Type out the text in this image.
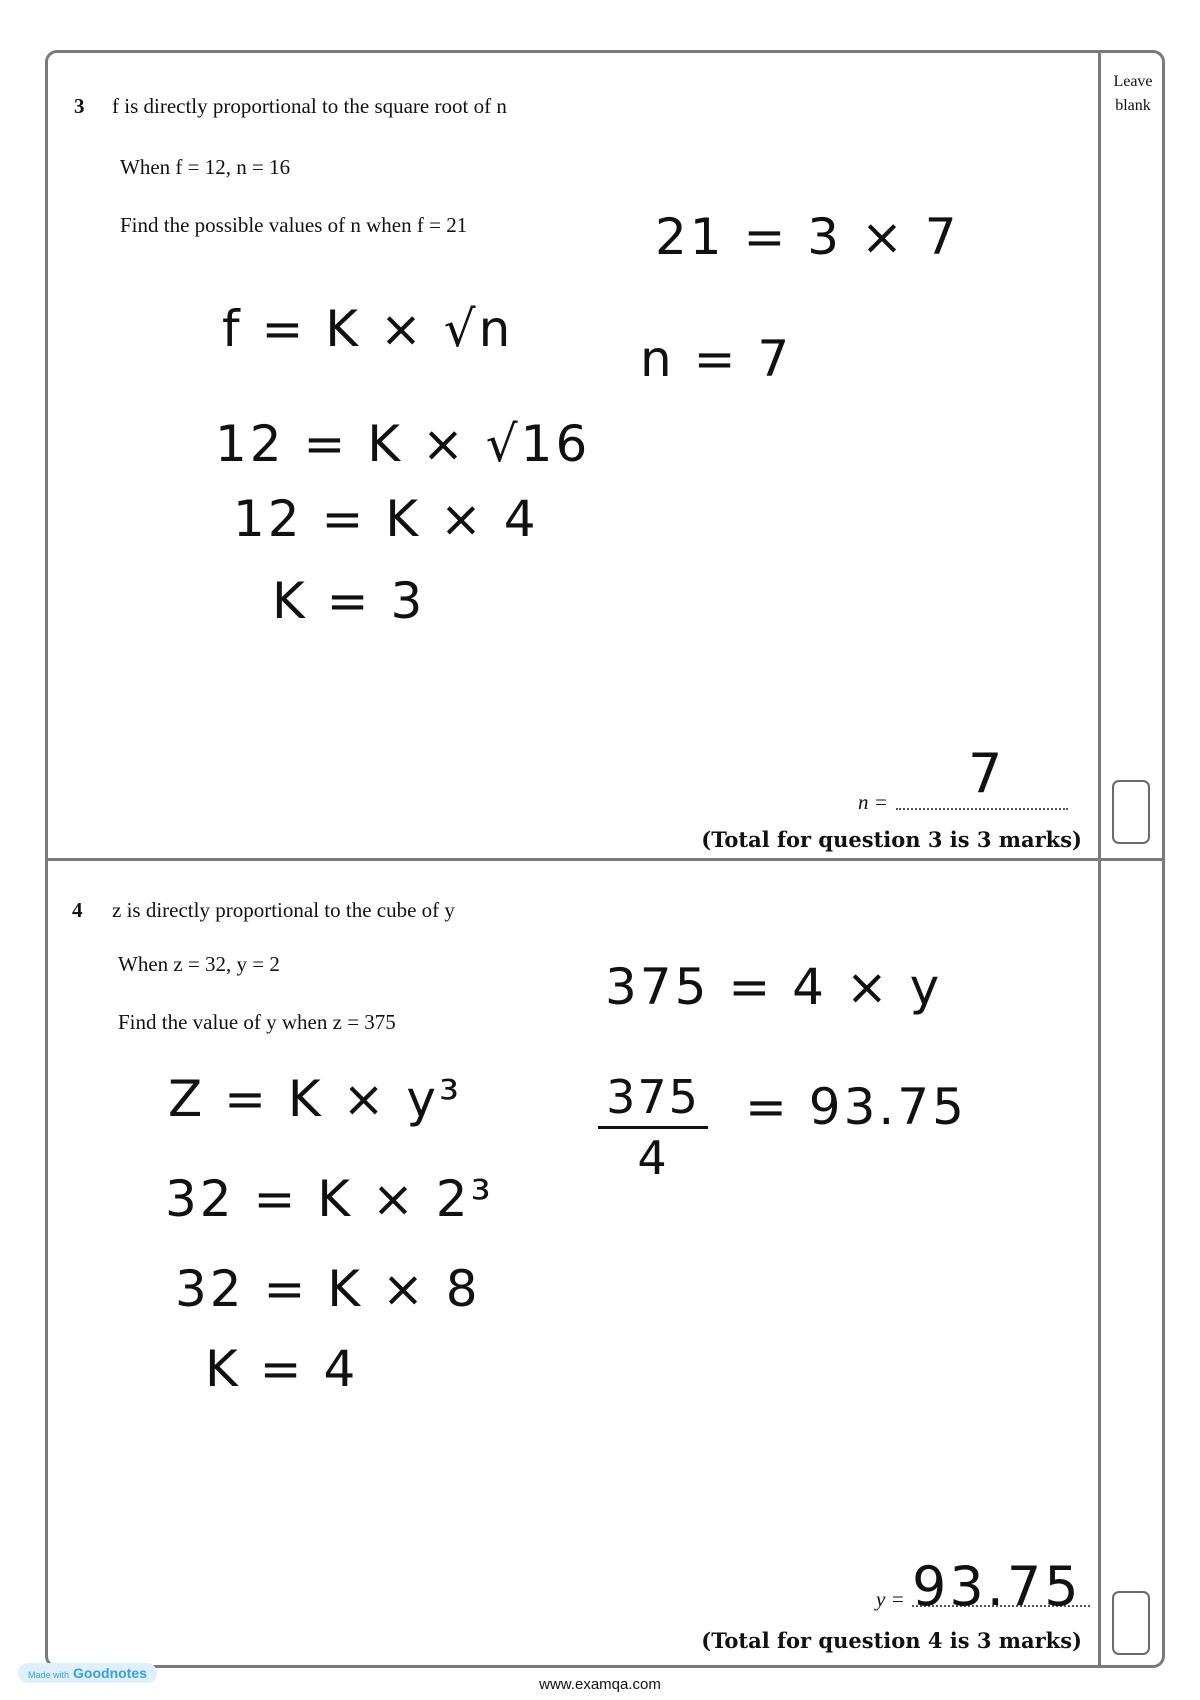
Leave blank
3 f is directly proportional to the square root of n
When f = 12, n = 16
Find the possible values of n when f = 21
f = K × √n
12 = K × √16
12 = K × 4
K = 3
21 = 3 × 7
n = 7
n = 7
(Total for question 3 is 3 marks)
4 z is directly proportional to the cube of y
When z = 32, y = 2
Find the value of y when z = 375
Z = K × y³
32 = K × 2³
32 = K × 8
K = 4
375 = 4 × y
375
4
= 93.75
y = 93.75
(Total for question 4 is 3 marks)
Made with Goodnotes
www.examqa.com
